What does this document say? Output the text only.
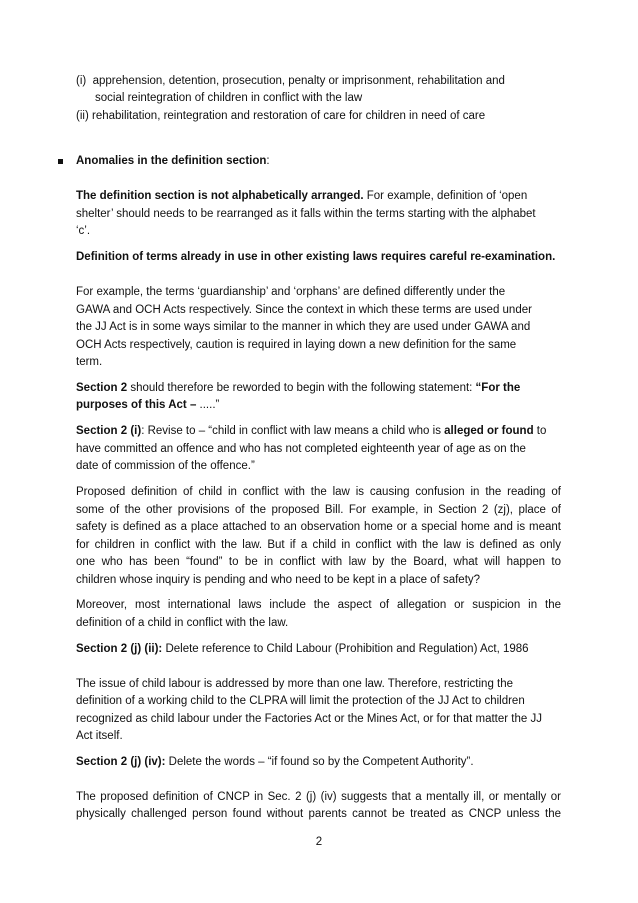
(i) apprehension, detention, prosecution, penalty or imprisonment, rehabilitation and
social reintegration of children in conflict with the law
(ii) rehabilitation, reintegration and restoration of care for children in need of care
Anomalies in the definition section:
The definition section is not alphabetically arranged. For example, definition of ‘open
shelter’ should needs to be rearranged as it falls within the terms starting with the alphabet
‘c’.
Definition of terms already in use in other existing laws requires careful re-examination.
For example, the terms ‘guardianship’ and ‘orphans’ are defined differently under the
GAWA and OCH Acts respectively. Since the context in which these terms are used under
the JJ Act is in some ways similar to the manner in which they are used under GAWA and
OCH Acts respectively, caution is required in laying down a new definition for the same
term.
Section 2 should therefore be reworded to begin with the following statement: “For the
purposes of this Act – .....”
Section 2 (i): Revise to – “child in conflict with law means a child who is alleged or found to
have committed an offence and who has not completed eighteenth year of age as on the
date of commission of the offence.”
Proposed definition of child in conflict with the law is causing confusion in the reading of
some of the other provisions of the proposed Bill. For example, in Section 2 (zj), place of
safety is defined as a place attached to an observation home or a special home and is meant
for children in conflict with the law. But if a child in conflict with the law is defined as only
one who has been “found” to be in conflict with law by the Board, what will happen to
children whose inquiry is pending and who need to be kept in a place of safety?
Moreover, most international laws include the aspect of allegation or suspicion in the
definition of a child in conflict with the law.
Section 2 (j) (ii): Delete reference to Child Labour (Prohibition and Regulation) Act, 1986
The issue of child labour is addressed by more than one law. Therefore, restricting the
definition of a working child to the CLPRA will limit the protection of the JJ Act to children
recognized as child labour under the Factories Act or the Mines Act, or for that matter the JJ
Act itself.
Section 2 (j) (iv): Delete the words – “if found so by the Competent Authority”.
The proposed definition of CNCP in Sec. 2 (j) (iv) suggests that a mentally ill, or mentally or
physically challenged person found without parents cannot be treated as CNCP unless the
2
